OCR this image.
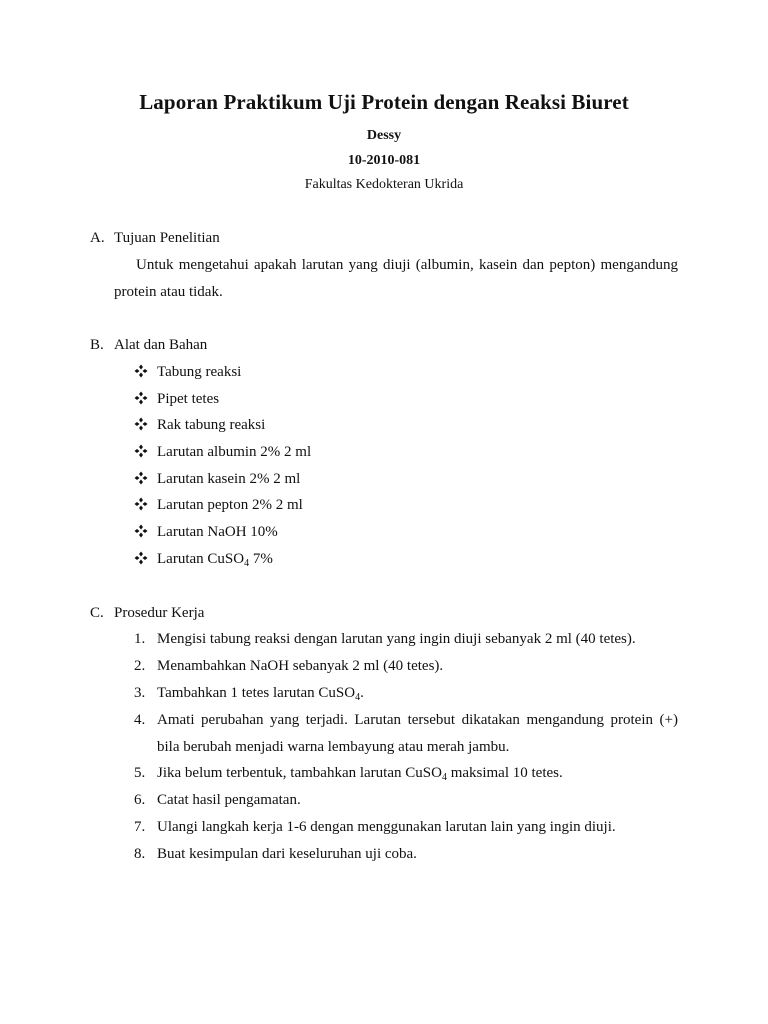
Laporan Praktikum Uji Protein dengan Reaksi Biuret
Dessy
10-2010-081
Fakultas Kedokteran Ukrida
A. Tujuan Penelitian
Untuk mengetahui apakah larutan yang diuji (albumin, kasein dan pepton) mengandung protein atau tidak.
B. Alat dan Bahan
Tabung reaksi
Pipet tetes
Rak tabung reaksi
Larutan albumin 2% 2 ml
Larutan kasein 2% 2 ml
Larutan pepton 2% 2 ml
Larutan NaOH 10%
Larutan CuSO$_4$ 7%
C. Prosedur Kerja
1. Mengisi tabung reaksi dengan larutan yang ingin diuji sebanyak 2 ml (40 tetes).
2. Menambahkan NaOH sebanyak 2 ml (40 tetes).
3. Tambahkan 1 tetes larutan CuSO$_4$.
4. Amati perubahan yang terjadi. Larutan tersebut dikatakan mengandung protein (+)
bila berubah menjadi warna lembayung atau merah jambu.
5. Jika belum terbentuk, tambahkan larutan CuSO$_4$ maksimal 10 tetes.
6. Catat hasil pengamatan.
7. Ulangi langkah kerja 1-6 dengan menggunakan larutan lain yang ingin diuji.
8. Buat kesimpulan dari keseluruhan uji coba.
